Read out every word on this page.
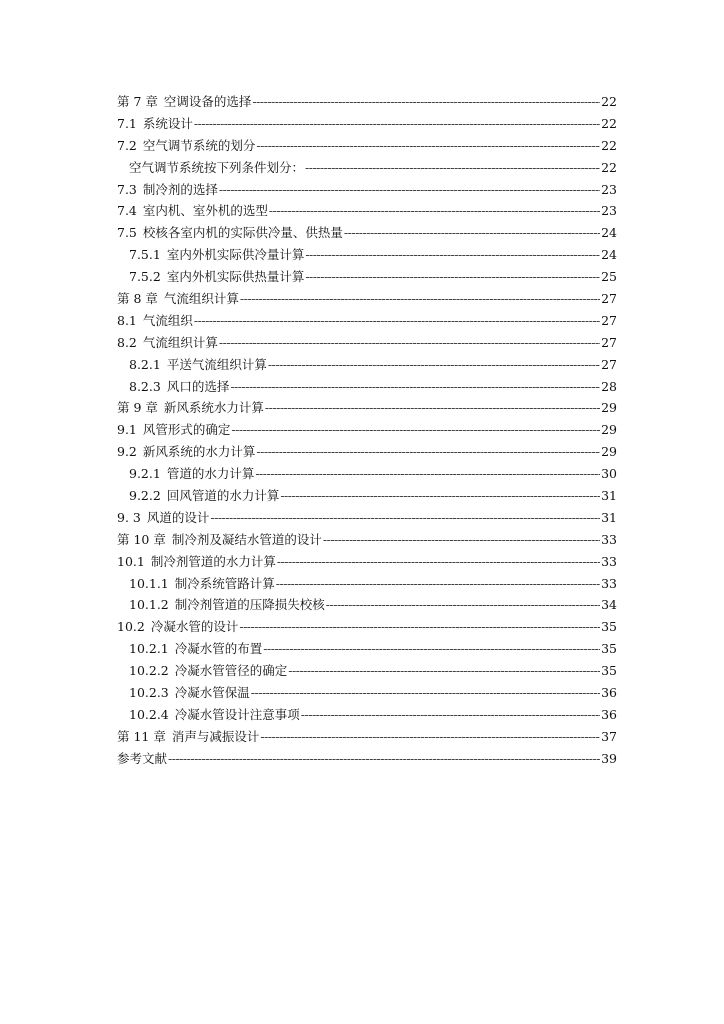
第 7 章 空调设备的选择 -----	22
7.1 系统设计 -----	22
7.2 空气调节系统的划分 -----	22
空气调节系统按下列条件划分： -----	22
7.3 制冷剂的选择 -----	23
7.4 室内机、室外机的选型 -----	23
7.5 校核各室内机的实际供冷量、供热量 -----	24
7.5.1 室内外机实际供冷量计算 -----	24
7.5.2 室内外机实际供热量计算 -----	25
第 8 章 气流组织计算 -----	27
8.1 气流组织 -----	27
8.2 气流组织计算 -----	27
8.2.1 平送气流组织计算 -----	27
8.2.3 风口的选择 -----	28
第 9 章 新风系统水力计算 -----	29
9.1 风管形式的确定 -----	29
9.2 新风系统的水力计算 -----	29
9.2.1 管道的水力计算 -----	30
9.2.2 回风管道的水力计算 -----	31
9. 3 风道的设计 -----	31
第 10 章 制冷剂及凝结水管道的设计 -----	33
10.1 制冷剂管道的水力计算 -----	33
10.1.1 制冷系统管路计算 -----	33
10.1.2 制冷剂管道的压降损失校核 -----	34
10.2 冷凝水管的设计 -----	35
10.2.1 冷凝水管的布置 -----	35
10.2.2 冷凝水管管径的确定 -----	35
10.2.3 冷凝水管保温 -----	36
10.2.4 冷凝水管设计注意事项 -----	36
第 11 章 消声与减振设计 -----	37
参考文献 -----	39
